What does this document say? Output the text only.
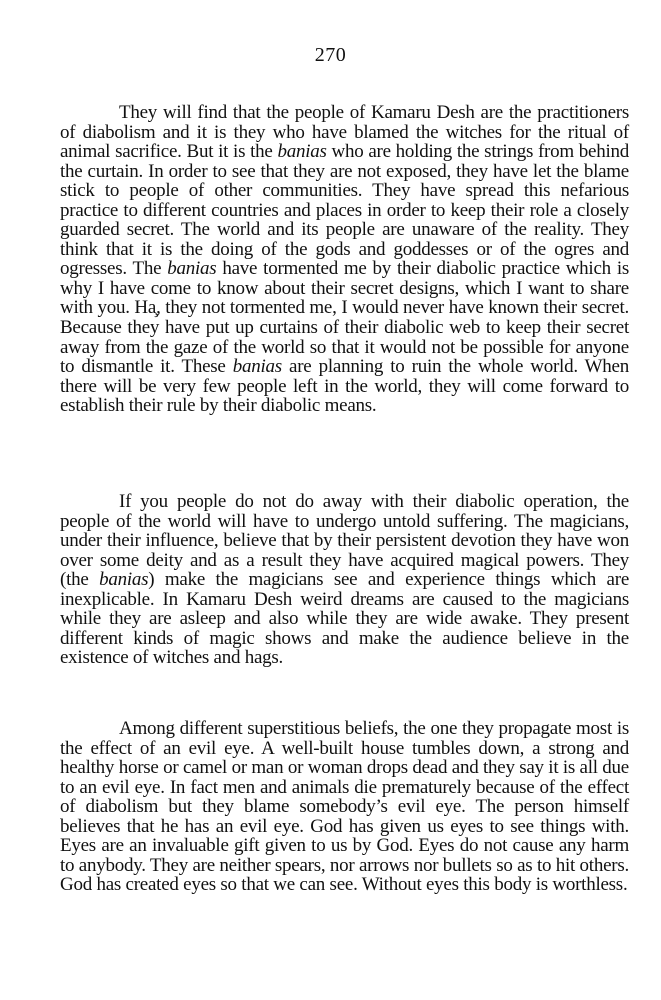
270

They will find that the people of Kamaru Desh are the practitioners of diabolism and it is they who have blamed the witches for the ritual of animal sacrifice. But it is the banias who are holding the strings from behind the curtain. In order to see that they are not exposed, they have let the blame stick to people of other communities. They have spread this nefarious practice to different countries and places in order to keep their role a closely guarded secret. The world and its people are unaware of the reality. They think that it is the doing of the gods and goddesses or of the ogres and ogresses. The banias have tormented me by their diabolic practice which is why I have come to know about their secret designs, which I want to share with you. Ha̧, they not tormented me, I would never have known their secret. Because they have put up curtains of their diabolic web to keep their secret away from the gaze of the world so that it would not be possible for anyone to dismantle it. These banias are planning to ruin the whole world. When there will be very few people left in the world, they will come forward to establish their rule by their diabolic means.

If you people do not do away with their diabolic operation, the people of the world will have to undergo untold suffering. The magicians, under their influence, believe that by their persistent devotion they have won over some deity and as a result they have acquired magical powers. They (the banias) make the magicians see and experience things which are inexplicable. In Kamaru Desh weird dreams are caused to the magicians while they are asleep and also while they are wide awake. They present different kinds of magic shows and make the audience believe in the existence of witches and hags.

Among different superstitious beliefs, the one they propagate most is the effect of an evil eye. A well-built house tumbles down, a strong and healthy horse or camel or man or woman drops dead and they say it is all due to an evil eye. In fact men and animals die prematurely because of the effect of diabolism but they blame somebody’s evil eye. The person himself believes that he has an evil eye. God has given us eyes to see things with. Eyes are an invaluable gift given to us by God. Eyes do not cause any harm to anybody. They are neither spears, nor arrows nor bullets so as to hit others. God has created eyes so that we can see. Without eyes this body is worthless.
